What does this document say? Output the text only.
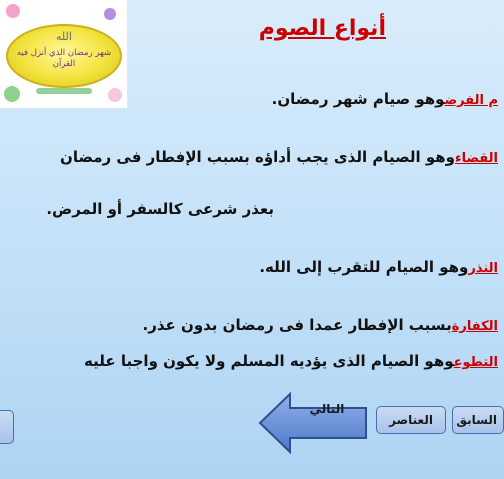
الله
شهر رمضان الذي أنزل فيه القرآن
أنواع الصوم
م الفرضوهو صيام شهر رمضان.
القضاءوهو الصيام الذى يجب أداؤه بسبب الإفطار فى رمضان
بعذر شرعى كالسفر أو المرض.
النذروهو الصيام للتقرب إلى الله.
الكفارةبسبب الإفطار عمدا فى رمضان بدون عذر.
التطوعوهو الصيام الذى يؤديه المسلم ولا يكون واجبا عليه
التالي
العناصر	السابق
